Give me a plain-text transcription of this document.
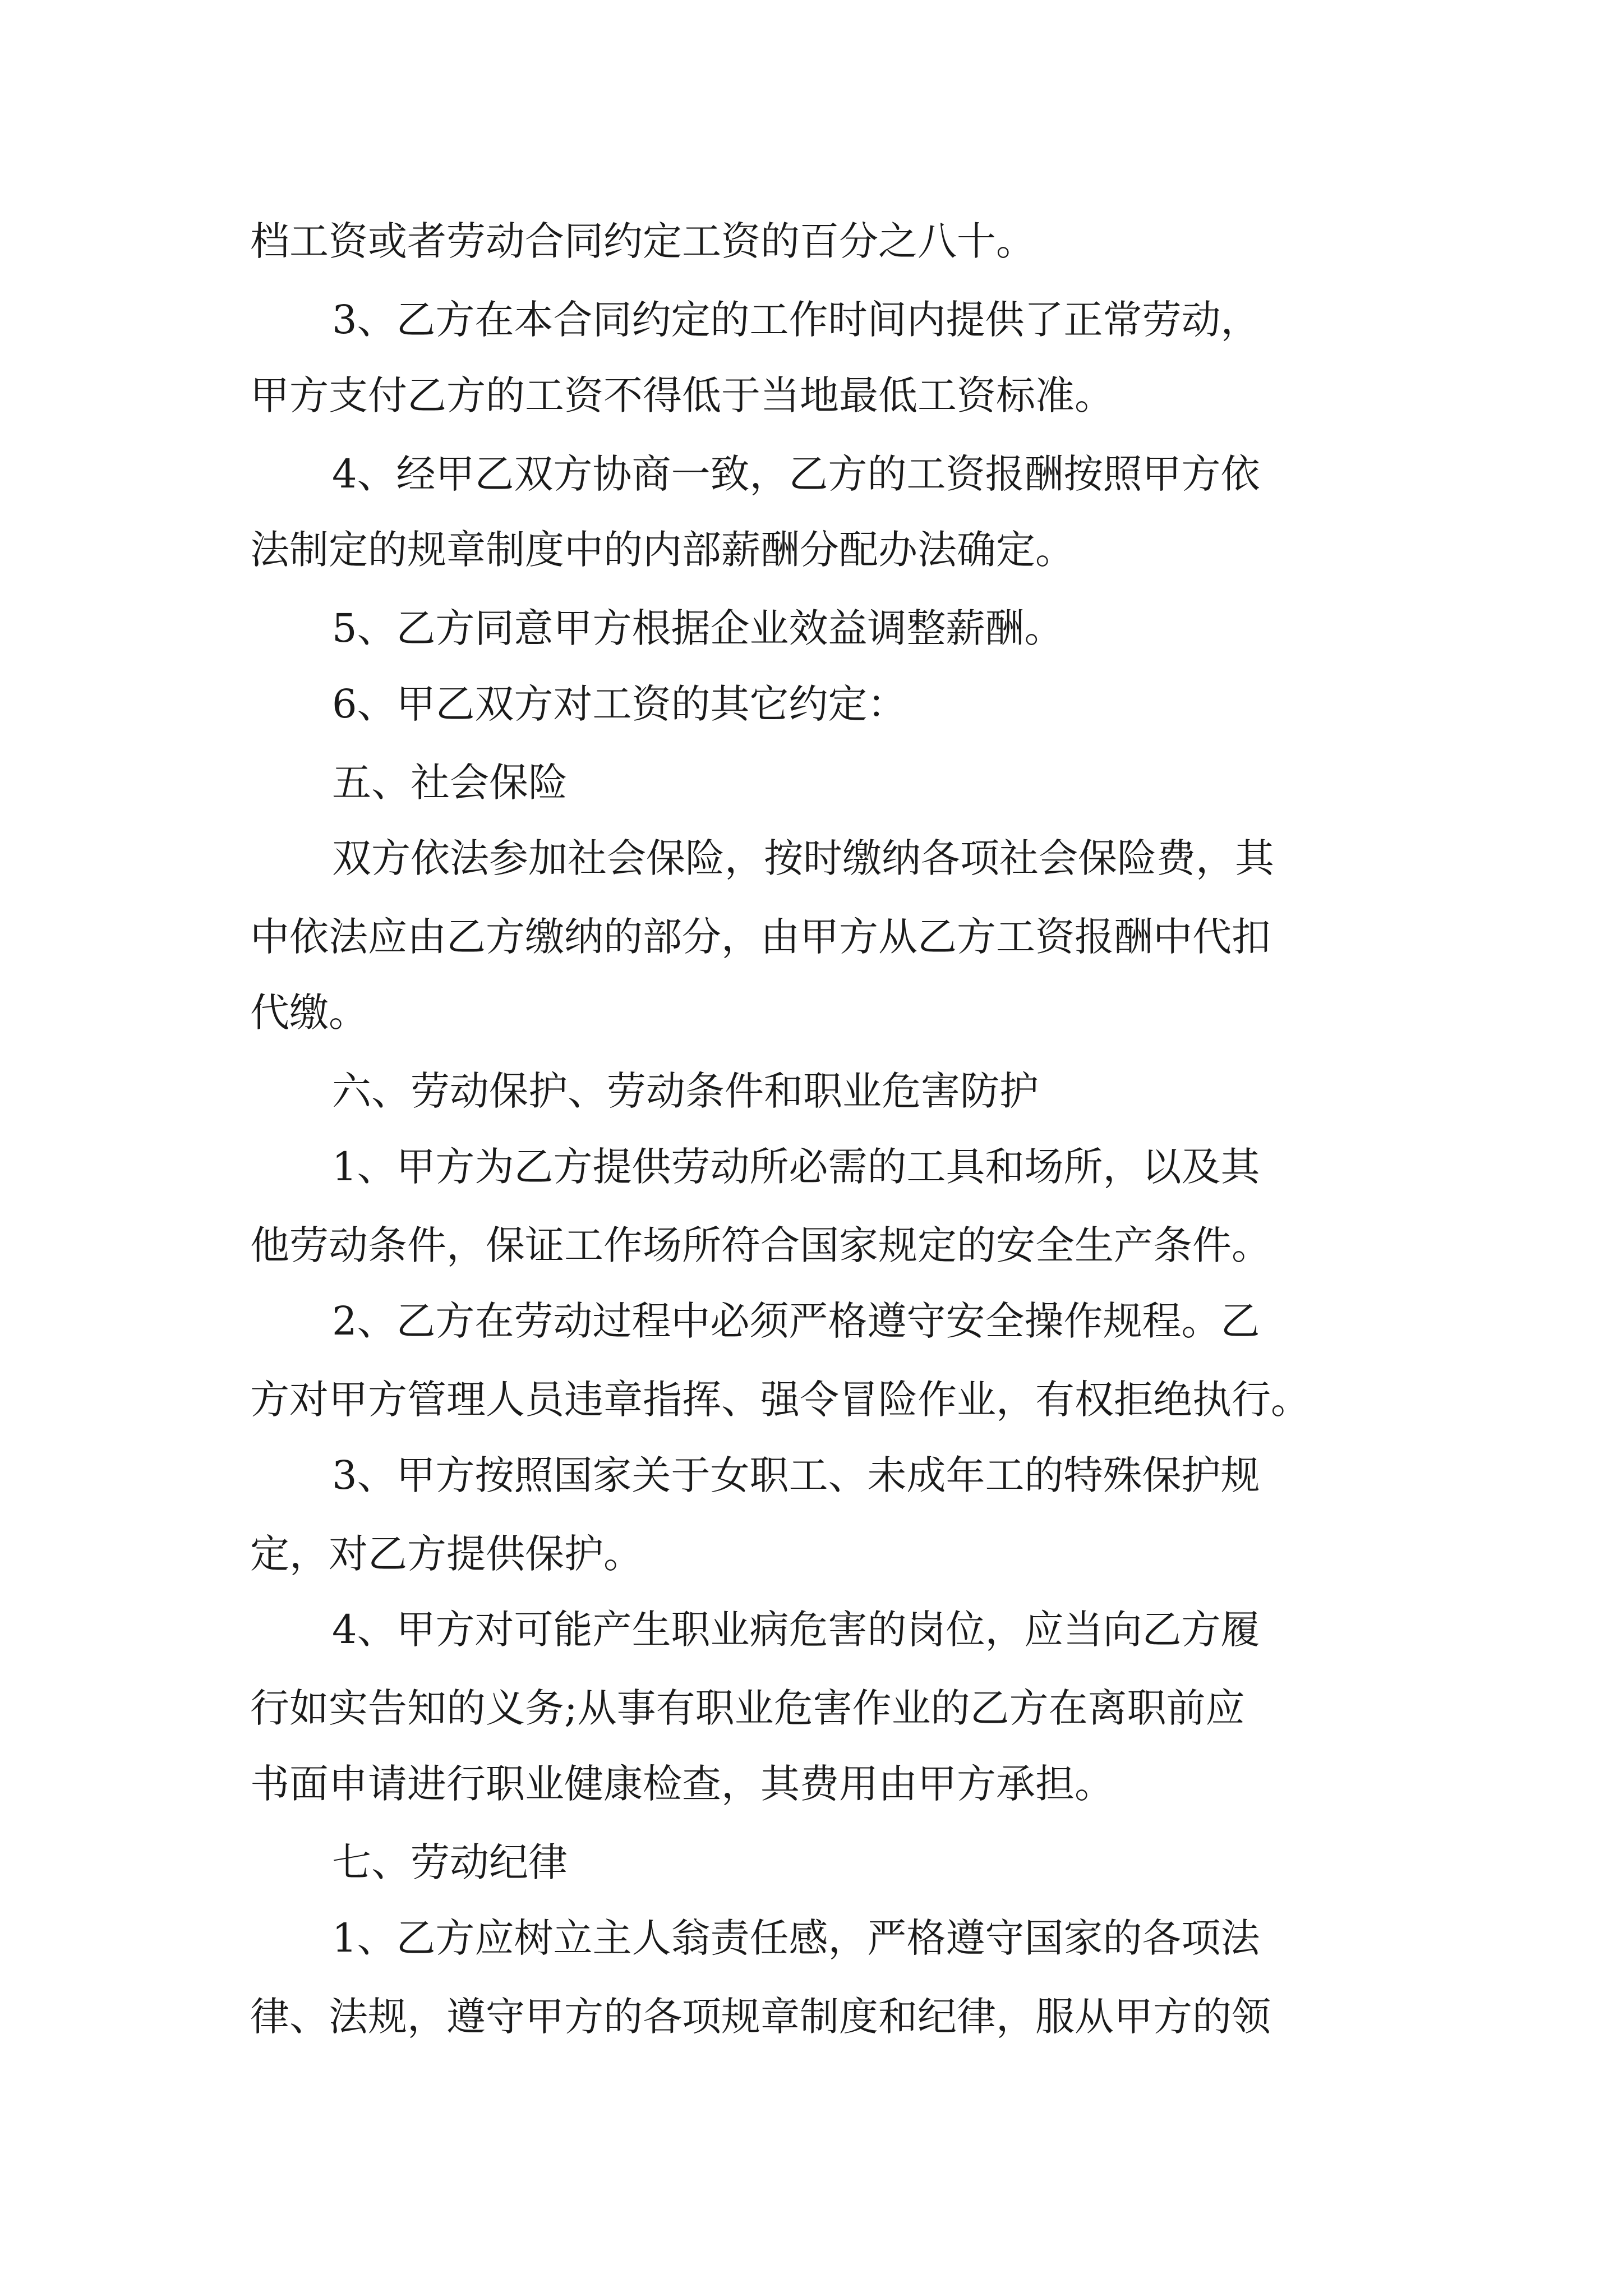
档工资或者劳动合同约定工资的百分之八十。

3、乙方在本合同约定的工作时间内提供了正常劳动，

甲方支付乙方的工资不得低于当地最低工资标准。

4、经甲乙双方协商一致，乙方的工资报酬按照甲方依

法制定的规章制度中的内部薪酬分配办法确定。

5、乙方同意甲方根据企业效益调整薪酬。

6、甲乙双方对工资的其它约定：

五、社会保险

双方依法参加社会保险，按时缴纳各项社会保险费，其

中依法应由乙方缴纳的部分，由甲方从乙方工资报酬中代扣

代缴。

六、劳动保护、劳动条件和职业危害防护

1、甲方为乙方提供劳动所必需的工具和场所，以及其

他劳动条件，保证工作场所符合国家规定的安全生产条件。

2、乙方在劳动过程中必须严格遵守安全操作规程。乙

方对甲方管理人员违章指挥、强令冒险作业，有权拒绝执行。

3、甲方按照国家关于女职工、未成年工的特殊保护规

定，对乙方提供保护。

4、甲方对可能产生职业病危害的岗位，应当向乙方履

行如实告知的义务;从事有职业危害作业的乙方在离职前应

书面申请进行职业健康检查，其费用由甲方承担。

七、劳动纪律

1、乙方应树立主人翁责任感，严格遵守国家的各项法

律、法规，遵守甲方的各项规章制度和纪律，服从甲方的领
